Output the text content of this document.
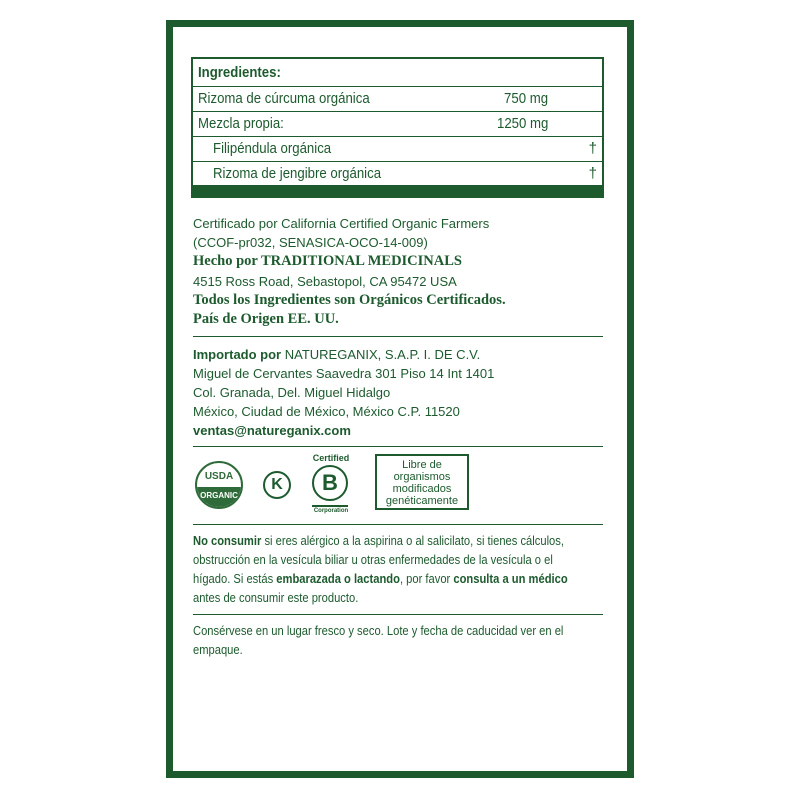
Ingredientes:
Rizoma de cúrcuma orgánica	750 mg
Mezcla propia:	1250 mg
Filipéndula orgánica	†
Rizoma de jengibre orgánica	†
Certificado por California Certified Organic Farmers
(CCOF-pr032, SENASICA-OCO-14-009)
Hecho por TRADITIONAL MEDICINALS
4515 Ross Road, Sebastopol, CA 95472 USA
Todos los Ingredientes son Orgánicos Certificados.
País de Origen EE. UU.
Importado por NATUREGANIX, S.A.P. I. DE C.V.
Miguel de Cervantes Saavedra 301 Piso 14 Int 1401
Col. Granada, Del. Miguel Hidalgo
México, Ciudad de México, México C.P. 11520
ventas@natureganix.com
USDA
ORGANIC
K
Certified
B
Corporation
Libre de
organismos
modificados
genéticamente
No consumir si eres alérgico a la aspirina o al salicilato, si tienes cálculos,
obstrucción en la vesícula biliar u otras enfermedades de la vesícula o el
hígado. Si estás embarazada o lactando, por favor consulta a un médico
antes de consumir este producto.
Consérvese en un lugar fresco y seco. Lote y fecha de caducidad ver en el
empaque.
